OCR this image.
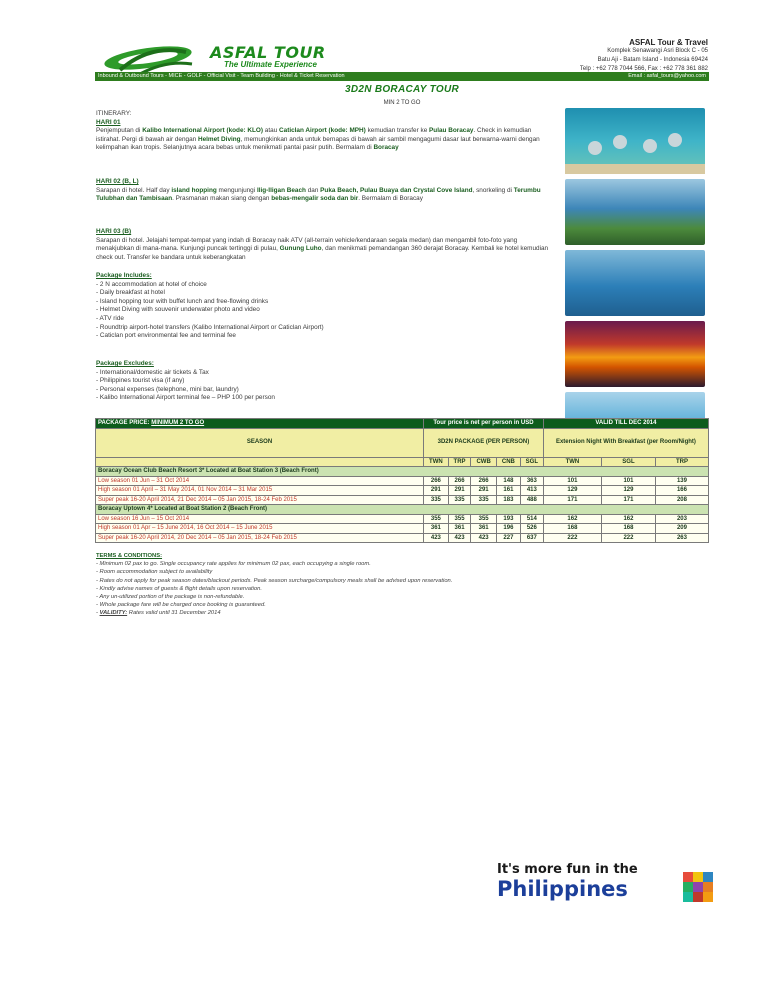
ASFAL TOUR
The Ultimate Experience
ASFAL Tour & Travel
Komplek Senawangi Asri Block C - 05
Batu Aji - Batam Island - Indonesia 69424
Telp : +62 778 7044 566, Fax : +62 778 361 882
Inbound & Outbound Tours - MICE - GOLF - Official Visit - Team Building - Hotel & Ticket Reservation	Email : asfal_tours@yahoo.com
3D2N BORACAY TOUR
MIN 2 TO GO
ITINERARY:
HARI 01
Penjemputan di Kalibo International Airport (kode: KLO) atau Caticlan Airport (kode: MPH) kemudian transfer ke Pulau Boracay. Check in kemudian istirahat. Pergi di bawah air dengan Helmet Diving, memungkinkan anda untuk bernapas di bawah air sambil mengagumi dasar laut berwarna-warni dengan kelimpahan ikan tropis. Selanjutnya acara bebas untuk menikmati pantai pasir putih. Bermalam di Boracay
HARI 02 (B, L)
Sarapan di hotel. Half day island hopping mengunjungi Ilig-Iligan Beach dan Puka Beach, Pulau Buaya dan Crystal Cove Island, snorkeling di Terumbu Tulubhan dan Tambisaan. Prasmanan makan siang dengan bebas-mengalir soda dan bir. Bermalam di Boracay
HARI 03 (B)
Sarapan di hotel. Jelajahi tempat-tempat yang indah di Boracay naik ATV (all-terrain vehicle/kendaraan segala medan) dan mengambil foto-foto yang menakjubkan di mana-mana. Kunjungi puncak tertinggi di pulau, Gunung Luho, dan menikmati pemandangan 360 derajat Boracay. Kembali ke hotel kemudian check out. Transfer ke bandara untuk keberangkatan
Package Includes:
- 2 N accommodation at hotel of choice
- Daily breakfast at hotel
- Island hopping tour with buffet lunch and free-flowing drinks
- Helmet Diving with souvenir underwater photo and video
- ATV ride
- Roundtrip airport-hotel transfers (Kalibo International Airport or Caticlan Airport)
- Caticlan port environmental fee and terminal fee
Package Excludes:
- International/domestic air tickets & Tax
- Philippines tourist visa (if any)
- Personal expenses (telephone, mini bar, laundry)
- Kalibo International Airport terminal fee – PHP 100 per person
PACKAGE PRICE: MINIMUM 2 TO GO	Tour price is net per person in USD					VALID TILL DEC 2014		
SEASON	3D2N PACKAGE (PER PERSON)					Extension Night With Breakfast (per Room/Night)		

	TWN	TRP	CWB	CNB	SGL	TWN	SGL	TRP
Boracay Ocean Club Beach Resort 3* Located at Boat Station 3 (Beach Front)								
Low season 01 Jun – 31 Oct 2014	266	266	266	148	363	101	101	139
High season 01 April – 31 May 2014, 01 Nov 2014 – 31 Mar 2015	291	291	291	161	413	129	129	166
Super peak 16-20 April 2014, 21 Dec 2014 – 05 Jan 2015, 18-24 Feb 2015	335	335	335	183	488	171	171	208
Boracay Uptown 4* Located at Boat Station 2 (Beach Front)								
Low season 16 Jun – 15 Oct 2014	355	355	355	193	514	162	162	203
High season 01 Apr – 15 June 2014, 16 Oct 2014 – 15 June 2015	361	361	361	196	526	168	168	209
Super peak 16-20 April 2014, 20 Dec 2014 – 05 Jan 2015, 18-24 Feb 2015	423	423	423	227	637	222	222	263
TERMS & CONDITIONS:
- Minimum 02 pax to go. Single occupancy rate applies for minimum 02 pax, each occupying a single room.
- Room accommodation subject to availability
- Rates do not apply for peak season dates/blackout periods. Peak season surcharge/compulsory meals shall be advised upon reservation.
- Kindly advise names of guests & flight details upon reservation.
- Any un-utilized portion of the package is non-refundable.
- Whole package fare will be charged once booking is guaranteed.
- VALIDITY: Rates valid until 31 December 2014
It's more fun in the
Philippines
